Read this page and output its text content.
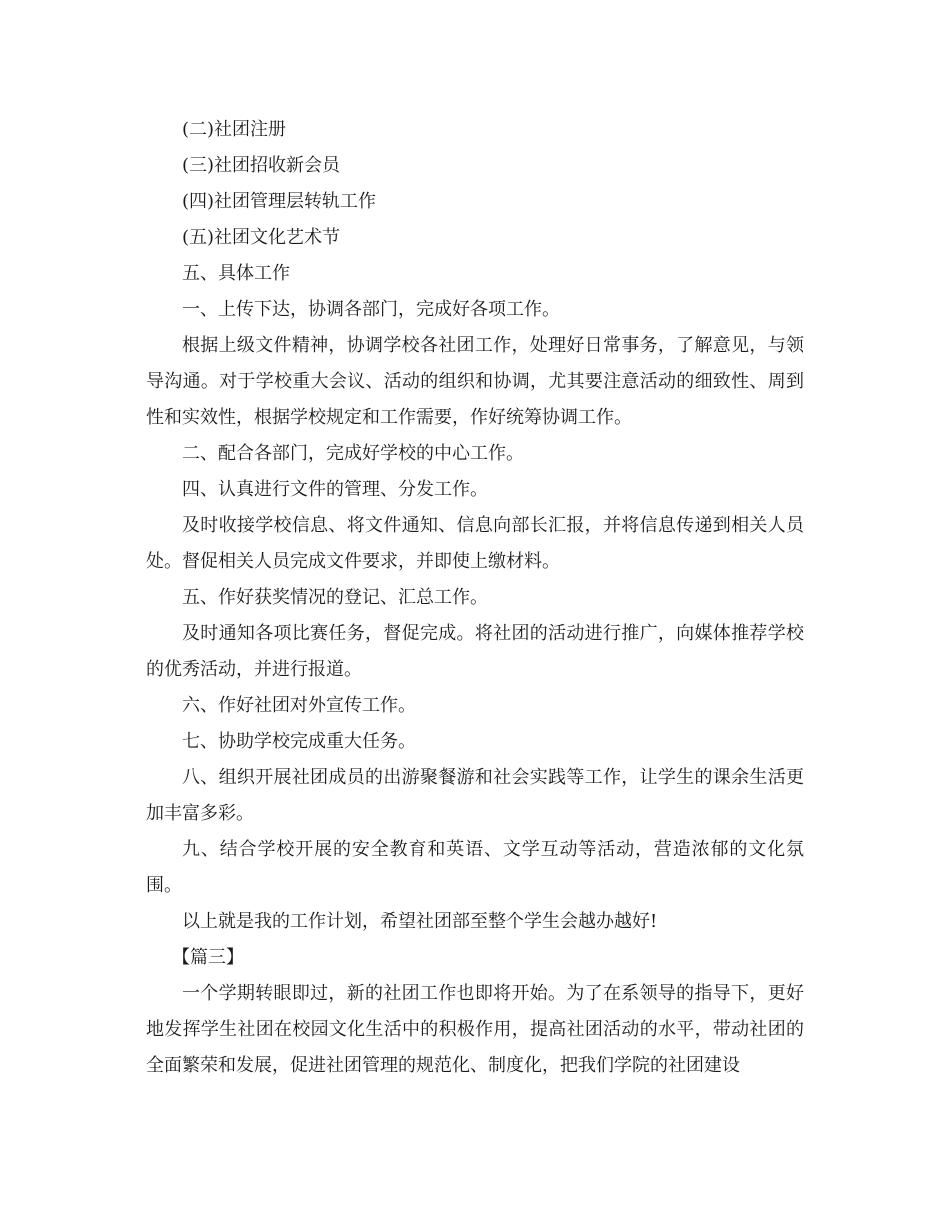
(二)社团注册

(三)社团招收新会员

(四)社团管理层转轨工作

(五)社团文化艺术节

五、具体工作

一、上传下达，协调各部门，完成好各项工作。

根据上级文件精神，协调学校各社团工作，处理好日常事务，了解意见，与领导沟通。对于学校重大会议、活动的组织和协调，尤其要注意活动的细致性、周到性和实效性，根据学校规定和工作需要，作好统筹协调工作。

二、配合各部门，完成好学校的中心工作。

四、认真进行文件的管理、分发工作。

及时收接学校信息、将文件通知、信息向部长汇报，并将信息传递到相关人员处。督促相关人员完成文件要求，并即使上缴材料。

五、作好获奖情况的登记、汇总工作。

及时通知各项比赛任务，督促完成。将社团的活动进行推广，向媒体推荐学校的优秀活动，并进行报道。

六、作好社团对外宣传工作。

七、协助学校完成重大任务。

八、组织开展社团成员的出游聚餐游和社会实践等工作，让学生的课余生活更加丰富多彩。

九、结合学校开展的安全教育和英语、文学互动等活动，营造浓郁的文化氛围。

以上就是我的工作计划，希望社团部至整个学生会越办越好!

【篇三】

一个学期转眼即过，新的社团工作也即将开始。为了在系领导的指导下，更好地发挥学生社团在校园文化生活中的积极作用，提高社团活动的水平，带动社团的全面繁荣和发展，促进社团管理的规范化、制度化，把我们学院的社团建设
